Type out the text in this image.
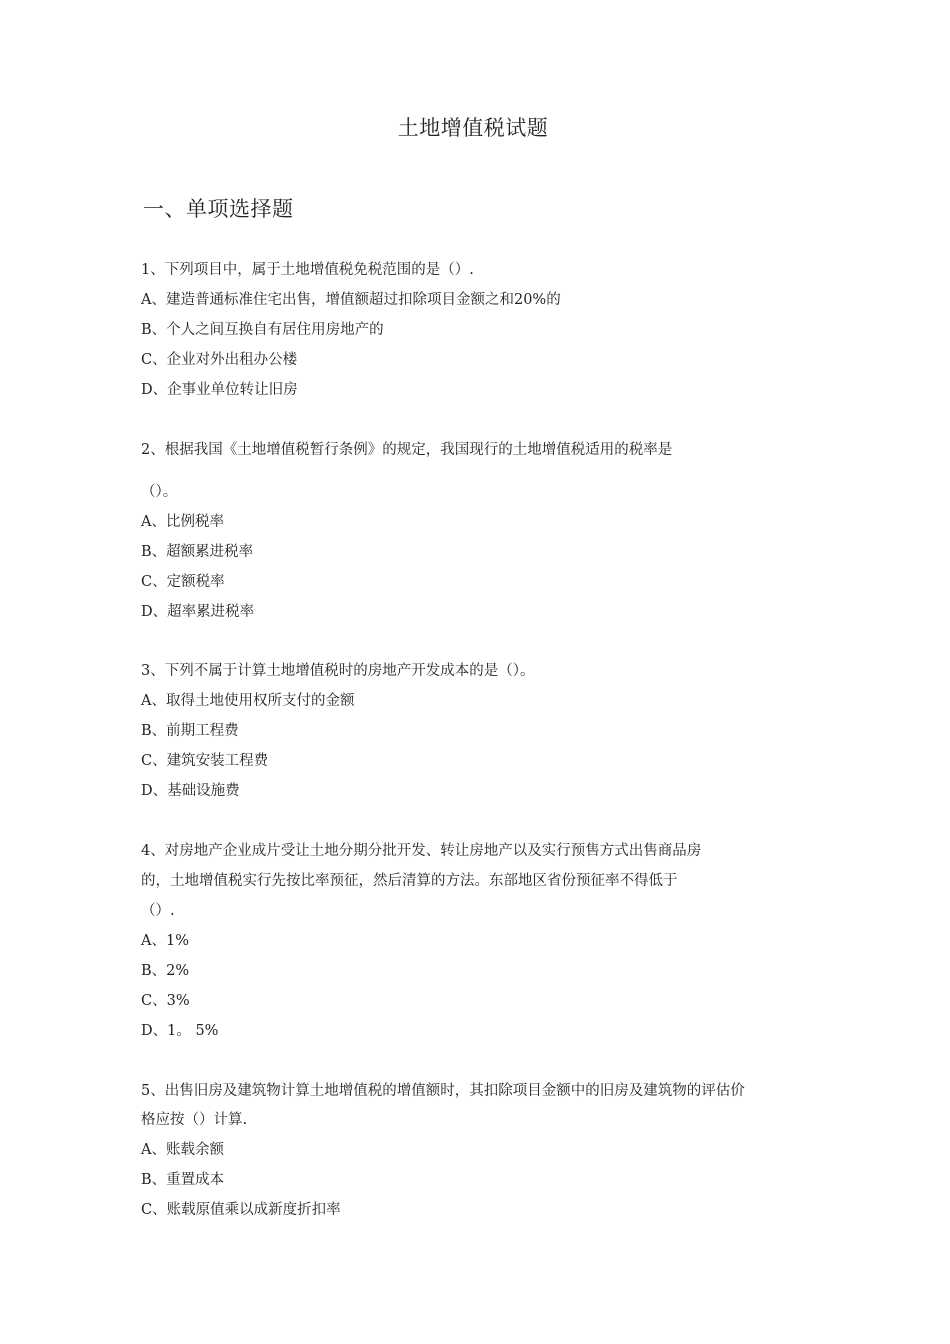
土地增值税试题
一、单项选择题

1、下列项目中，属于土地增值税免税范围的是（）.

A、建造普通标准住宅出售，增值额超过扣除项目金额之和20%的

B、个人之间互换自有居住用房地产的

C、企业对外出租办公楼

D、企事业单位转让旧房

2、根据我国《土地增值税暂行条例》的规定，我国现行的土地增值税适用的税率是

（）。

A、比例税率

B、超额累进税率

C、定额税率

D、超率累进税率

3、下列不属于计算土地增值税时的房地产开发成本的是（）。

A、取得土地使用权所支付的金额

B、前期工程费

C、建筑安装工程费

D、基础设施费

4、对房地产企业成片受让土地分期分批开发、转让房地产以及实行预售方式出售商品房

的，土地增值税实行先按比率预征，然后清算的方法。东部地区省份预征率不得低于

（）.

A、1%

B、2%

C、3%

D、1。 5%

5、出售旧房及建筑物计算土地增值税的增值额时，其扣除项目金额中的旧房及建筑物的评估价

格应按（）计算.

A、账载余额

B、重置成本

C、账载原值乘以成新度折扣率
